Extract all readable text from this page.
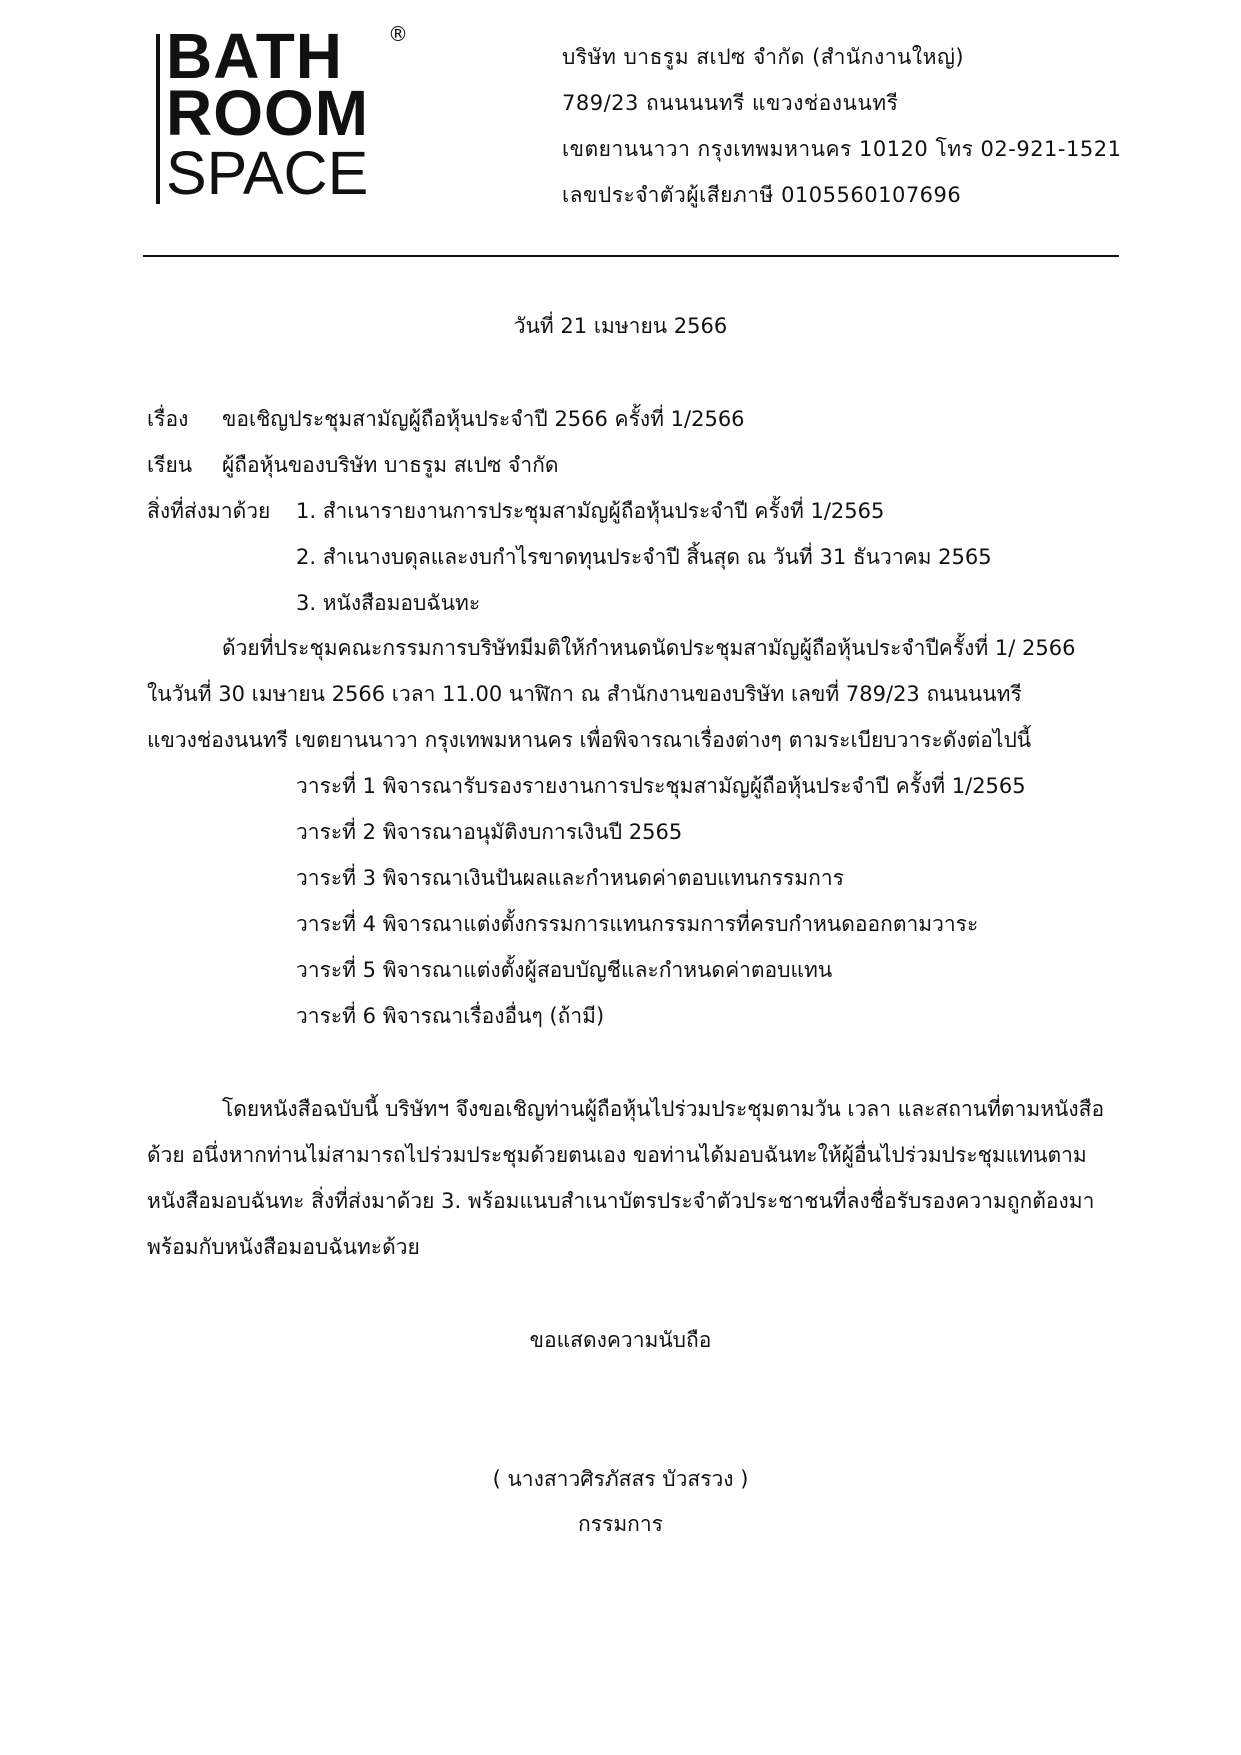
BATH
ROOM
SPACE
®
บริษัท บาธรูม สเปซ จำกัด (สำนักงานใหญ่)
789/23 ถนนนนทรี แขวงช่องนนทรี
เขตยานนาวา กรุงเทพมหานคร 10120 โทร 02-921-1521
เลขประจำตัวผู้เสียภาษี 0105560107696
วันที่ 21 เมษายน 2566
เรื่อง ขอเชิญประชุมสามัญผู้ถือหุ้นประจำปี 2566 ครั้งที่ 1/2566
เรียน ผู้ถือหุ้นของบริษัท บาธรูม สเปซ จำกัด
สิ่งที่ส่งมาด้วย 1. สำเนารายงานการประชุมสามัญผู้ถือหุ้นประจำปี ครั้งที่ 1/2565
2. สำเนางบดุลและงบกำไรขาดทุนประจำปี สิ้นสุด ณ วันที่ 31 ธันวาคม 2565
3. หนังสือมอบฉันทะ
ด้วยที่ประชุมคณะกรรมการบริษัทมีมติให้กำหนดนัดประชุมสามัญผู้ถือหุ้นประจำปีครั้งที่ 1/ 2566
ในวันที่ 30 เมษายน 2566 เวลา 11.00 นาฬิกา ณ สำนักงานของบริษัท เลขที่ 789/23 ถนนนนทรี
แขวงช่องนนทรี เขตยานนาวา กรุงเทพมหานคร เพื่อพิจารณาเรื่องต่างๆ ตามระเบียบวาระดังต่อไปนี้
วาระที่ 1 พิจารณารับรองรายงานการประชุมสามัญผู้ถือหุ้นประจำปี ครั้งที่ 1/2565
วาระที่ 2 พิจารณาอนุมัติงบการเงินปี 2565
วาระที่ 3 พิจารณาเงินปันผลและกำหนดค่าตอบแทนกรรมการ
วาระที่ 4 พิจารณาแต่งตั้งกรรมการแทนกรรมการที่ครบกำหนดออกตามวาระ
วาระที่ 5 พิจารณาแต่งตั้งผู้สอบบัญชีและกำหนดค่าตอบแทน
วาระที่ 6 พิจารณาเรื่องอื่นๆ (ถ้ามี)
โดยหนังสือฉบับนี้ บริษัทฯ จึงขอเชิญท่านผู้ถือหุ้นไปร่วมประชุมตามวัน เวลา และสถานที่ตามหนังสือ
ด้วย อนึ่งหากท่านไม่สามารถไปร่วมประชุมด้วยตนเอง ขอท่านได้มอบฉันทะให้ผู้อื่นไปร่วมประชุมแทนตาม
หนังสือมอบฉันทะ สิ่งที่ส่งมาด้วย 3. พร้อมแนบสำเนาบัตรประจำตัวประชาชนที่ลงชื่อรับรองความถูกต้องมา
พร้อมกับหนังสือมอบฉันทะด้วย
ขอแสดงความนับถือ
( นางสาวศิรภัสสร บัวสรวง )
กรรมการ
